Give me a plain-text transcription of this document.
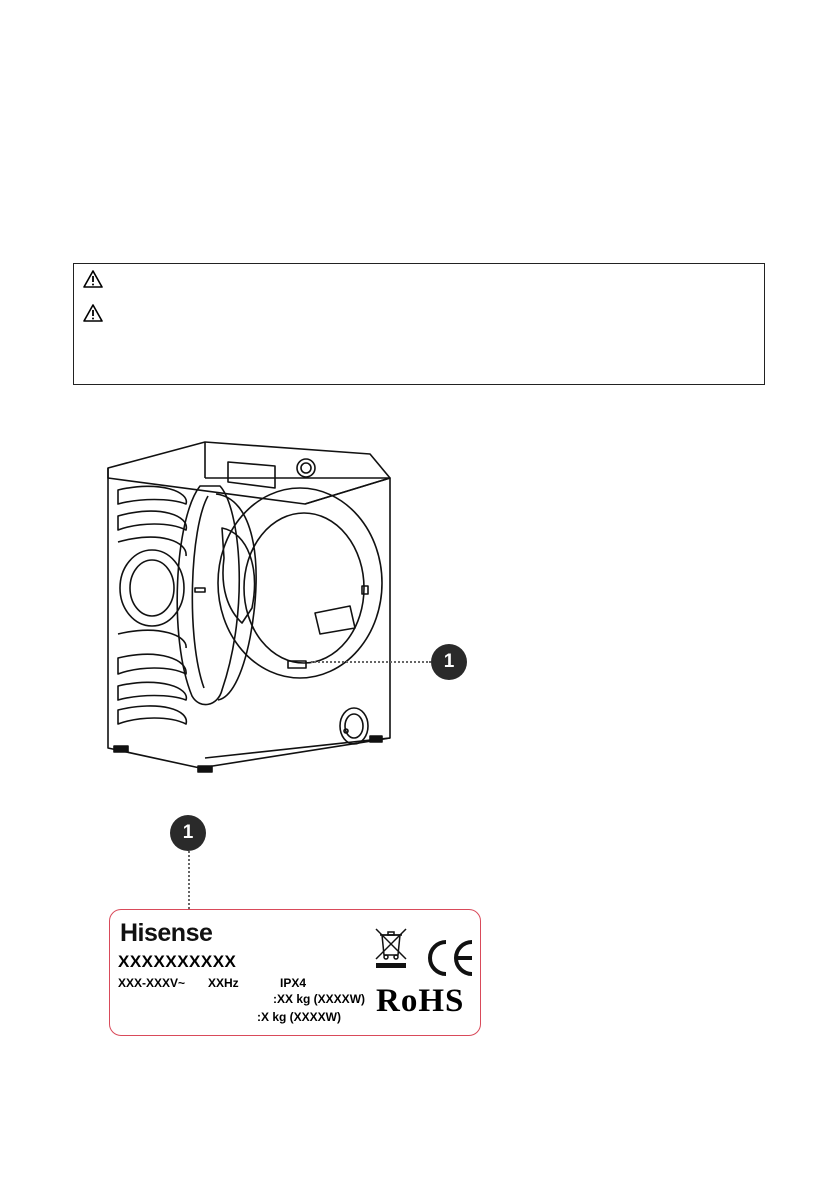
1
1
Hisense
XXXXXXXXXX
XXX-XXXV~ XXHz	IPX4
:XX kg (XXXXW)
:X kg (XXXXW) RoHS
